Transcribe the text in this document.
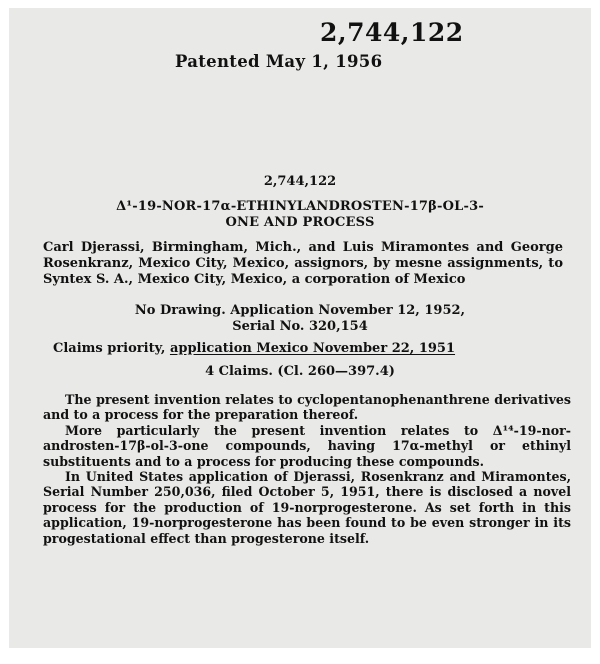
2,744,122
Patented May 1, 1956
2,744,122
Δ¹-19-NOR-17α-ETHINYLANDROSTEN-17β-OL-3-
ONE AND PROCESS
Carl Djerassi, Birmingham, Mich., and Luis Miramontes and George Rosenkranz, Mexico City, Mexico, assignors, by mesne assignments, to Syntex S. A., Mexico City, Mexico, a corporation of Mexico
No Drawing. Application November 12, 1952,
Serial No. 320,154
Claims priority, application Mexico November 22, 1951
4 Claims. (Cl. 260—397.4)

The present invention relates to cyclopentanophenanthrene derivatives and to a process for the preparation thereof.

More particularly the present invention relates to Δ¹⁴-19-nor-androsten-17β-ol-3-one compounds, having 17α-methyl or ethinyl substituents and to a process for producing these compounds.

In United States application of Djerassi, Rosenkranz and Miramontes, Serial Number 250,036, filed October 5, 1951, there is disclosed a novel process for the production of 19-norprogesterone. As set forth in this application, 19-norprogesterone has been found to be even stronger in its progestational effect than progesterone itself.
